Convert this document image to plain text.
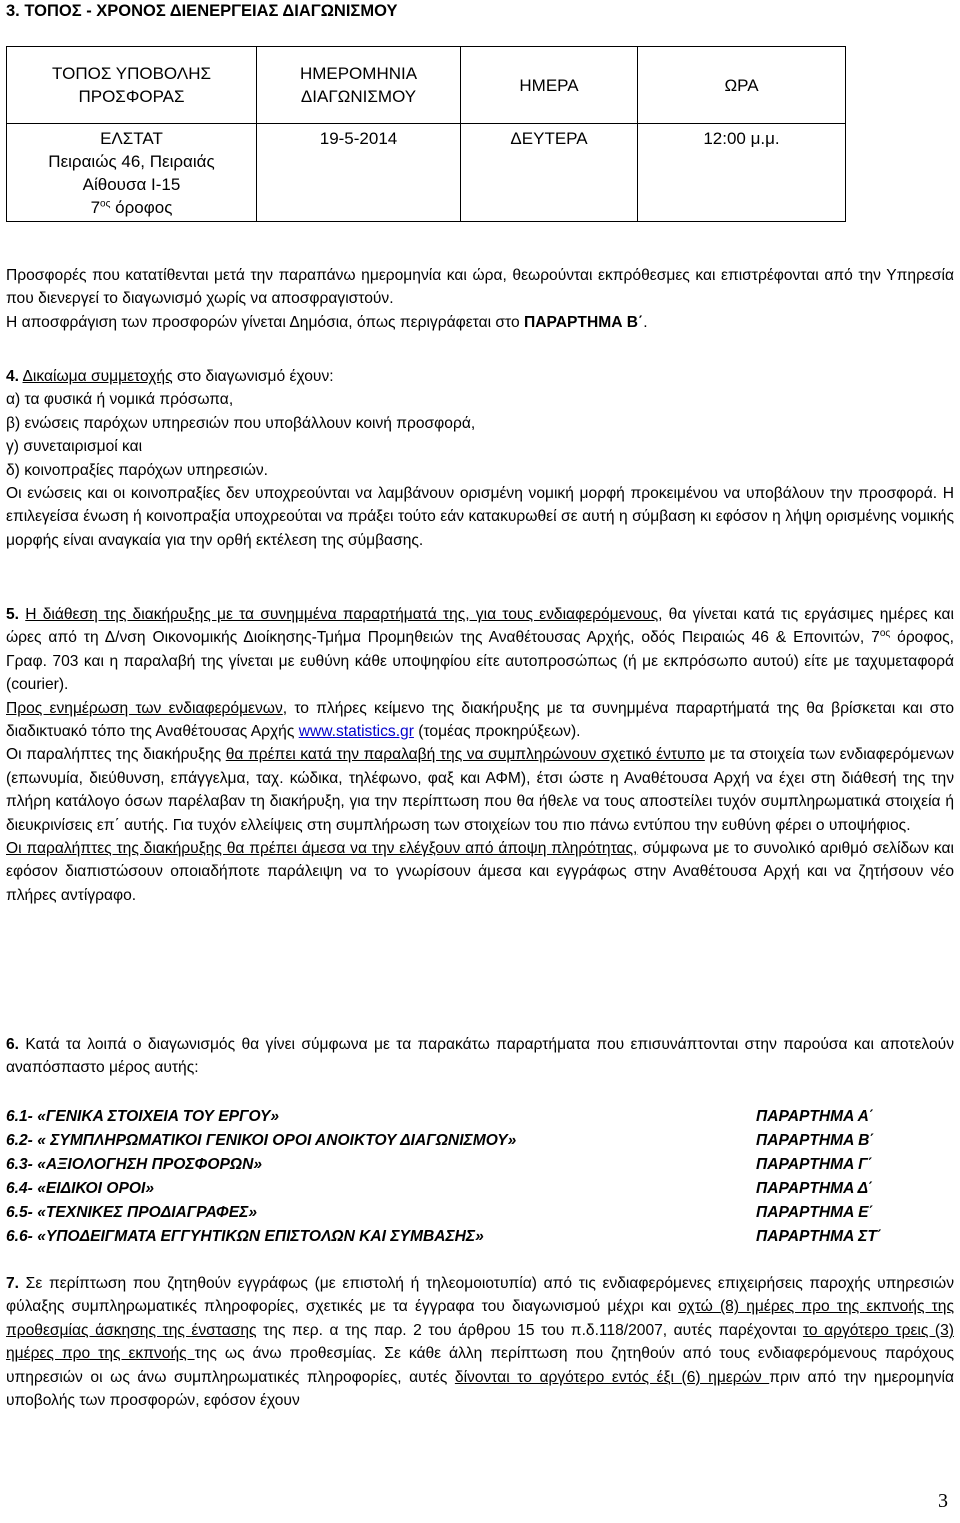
3. ΤΟΠΟΣ - ΧΡΟΝΟΣ ΔΙΕΝΕΡΓΕΙΑΣ ΔΙΑΓΩΝΙΣΜΟΥ
ΤΟΠΟΣ ΥΠΟΒΟΛΗΣ ΠΡΟΣΦΟΡΑΣ	ΗΜΕΡΟΜΗΝΙΑ ΔΙΑΓΩΝΙΣΜΟΥ	ΗΜΕΡΑ	ΩΡΑ

ΕΛΣΤΑΤ
Πειραιώς 46, Πειραιάς
Αίθουσα Ι-15
$7^{o\varsigma}$ όροφος	19-5-2014	ΔΕΥΤΕΡΑ	12:00 μ.μ.

Προσφορές που κατατίθενται μετά την παραπάνω ημερομηνία και ώρα, θεωρούνται εκπρόθεσμες και επιστρέφονται από την Υπηρεσία που διενεργεί το διαγωνισμό χωρίς να αποσφραγιστούν.

Η αποσφράγιση των προσφορών γίνεται Δημόσια, όπως περιγράφεται στο ΠΑΡΑΡΤΗΜΑ Β΄.

4. Δικαίωμα συμμετοχής στο διαγωνισμό έχουν:

α) τα φυσικά ή νομικά πρόσωπα,

β) ενώσεις παρόχων υπηρεσιών που υποβάλλουν κοινή προσφορά,

γ) συνεταιρισμοί και

δ) κοινοπραξίες παρόχων υπηρεσιών.

Οι ενώσεις και οι κοινοπραξίες δεν υποχρεούνται να λαμβάνουν ορισμένη νομική μορφή προκειμένου να υποβάλουν την προσφορά. Η επιλεγείσα ένωση ή κοινοπραξία υποχρεούται να πράξει τούτο εάν κατακυρωθεί σε αυτή η σύμβαση κι εφόσον η λήψη ορισμένης νομικής μορφής είναι αναγκαία για την ορθή εκτέλεση της σύμβασης.

5. Η διάθεση της διακήρυξης με τα συνημμένα παραρτήματά της, για τους ενδιαφερόμενους, θα γίνεται κατά τις εργάσιμες ημέρες και ώρες από τη Δ/νση Οικονομικής Διοίκησης-Τμήμα Προμηθειών της Αναθέτουσας Αρχής, οδός Πειραιώς 46 & Επονιτών, $7^{o\varsigma}$ όροφος, Γραφ. 703 και η παραλαβή της γίνεται με ευθύνη κάθε υποψηφίου είτε αυτοπροσώπως (ή με εκπρόσωπο αυτού) είτε με ταχυμεταφορά (courier).

Προς ενημέρωση των ενδιαφερόμενων, το πλήρες κείμενο της διακήρυξης με τα συνημμένα παραρτήματά της θα βρίσκεται και στο διαδικτυακό τόπο της Αναθέτουσας Αρχής www.statistics.gr (τομέας προκηρύξεων).

Οι παραλήπτες της διακήρυξης θα πρέπει κατά την παραλαβή της να συμπληρώνουν σχετικό έντυπο με τα στοιχεία των ενδιαφερόμενων (επωνυμία, διεύθυνση, επάγγελμα, ταχ. κώδικα, τηλέφωνο, φαξ και ΑΦΜ), έτσι ώστε η Αναθέτουσα Αρχή να έχει στη διάθεσή της την πλήρη κατάλογο όσων παρέλαβαν τη διακήρυξη, για την περίπτωση που θα ήθελε να τους αποστείλει τυχόν συμπληρωματικά στοιχεία ή διευκρινίσεις επ΄ αυτής. Για τυχόν ελλείψεις στη συμπλήρωση των στοιχείων του πιο πάνω εντύπου την ευθύνη φέρει ο υποψήφιος.

Οι παραλήπτες της διακήρυξης θα πρέπει άμεσα να την ελέγξουν από άποψη πληρότητας, σύμφωνα με το συνολικό αριθμό σελίδων και εφόσον διαπιστώσουν οποιαδήποτε παράλειψη να το γνωρίσουν άμεσα και εγγράφως στην Αναθέτουσα Αρχή και να ζητήσουν νέο πλήρες αντίγραφο.

6. Κατά τα λοιπά ο διαγωνισμός θα γίνει σύμφωνα με τα παρακάτω παραρτήματα που επισυνάπτονται στην παρούσα και αποτελούν αναπόσπαστο μέρος αυτής:

6.1- «ΓΕΝΙΚΑ ΣΤΟΙΧΕΙΑ ΤΟΥ ΕΡΓΟΥ»	ΠΑΡΑΡΤΗΜΑ Α΄
6.2- « ΣΥΜΠΛΗΡΩΜΑΤΙΚΟΙ ΓΕΝΙΚΟΙ ΟΡΟΙ ΑΝΟΙΚΤΟΥ ΔΙΑΓΩΝΙΣΜΟΥ»	ΠΑΡΑΡΤΗΜΑ Β΄
6.3- «ΑΞΙΟΛΟΓΗΣΗ ΠΡΟΣΦΟΡΩΝ»	ΠΑΡΑΡΤΗΜΑ Γ΄
6.4- «ΕΙΔΙΚΟΙ ΟΡΟΙ»	ΠΑΡΑΡΤΗΜΑ Δ΄
6.5- «ΤΕΧΝΙΚΕΣ ΠΡΟΔΙΑΓΡΑΦΕΣ»	ΠΑΡΑΡΤΗΜΑ Ε΄
6.6- «ΥΠΟΔΕΙΓΜΑΤΑ ΕΓΓΥΗΤΙΚΩΝ ΕΠΙΣΤΟΛΩΝ ΚΑΙ ΣΥΜΒΑΣΗΣ»	ΠΑΡΑΡΤΗΜΑ ΣΤ΄

7. Σε περίπτωση που ζητηθούν εγγράφως (με επιστολή ή τηλεομοιοτυπία) από τις ενδιαφερόμενες επιχειρήσεις παροχής υπηρεσιών φύλαξης συμπληρωματικές πληροφορίες, σχετικές με τα έγγραφα του διαγωνισμού μέχρι και οχτώ (8) ημέρες προ της εκπνοής της προθεσμίας άσκησης της ένστασης της περ. α της παρ. 2 του άρθρου 15 του π.δ.118/2007, αυτές παρέχονται το αργότερο τρεις (3) ημέρες προ της εκπνοής της ως άνω προθεσμίας. Σε κάθε άλλη περίπτωση που ζητηθούν από τους ενδιαφερόμενους παρόχους υπηρεσιών οι ως άνω συμπληρωματικές πληροφορίες, αυτές δίνονται το αργότερο εντός έξι (6) ημερών πριν από την ημερομηνία υποβολής των προσφορών, εφόσον έχουν

3
